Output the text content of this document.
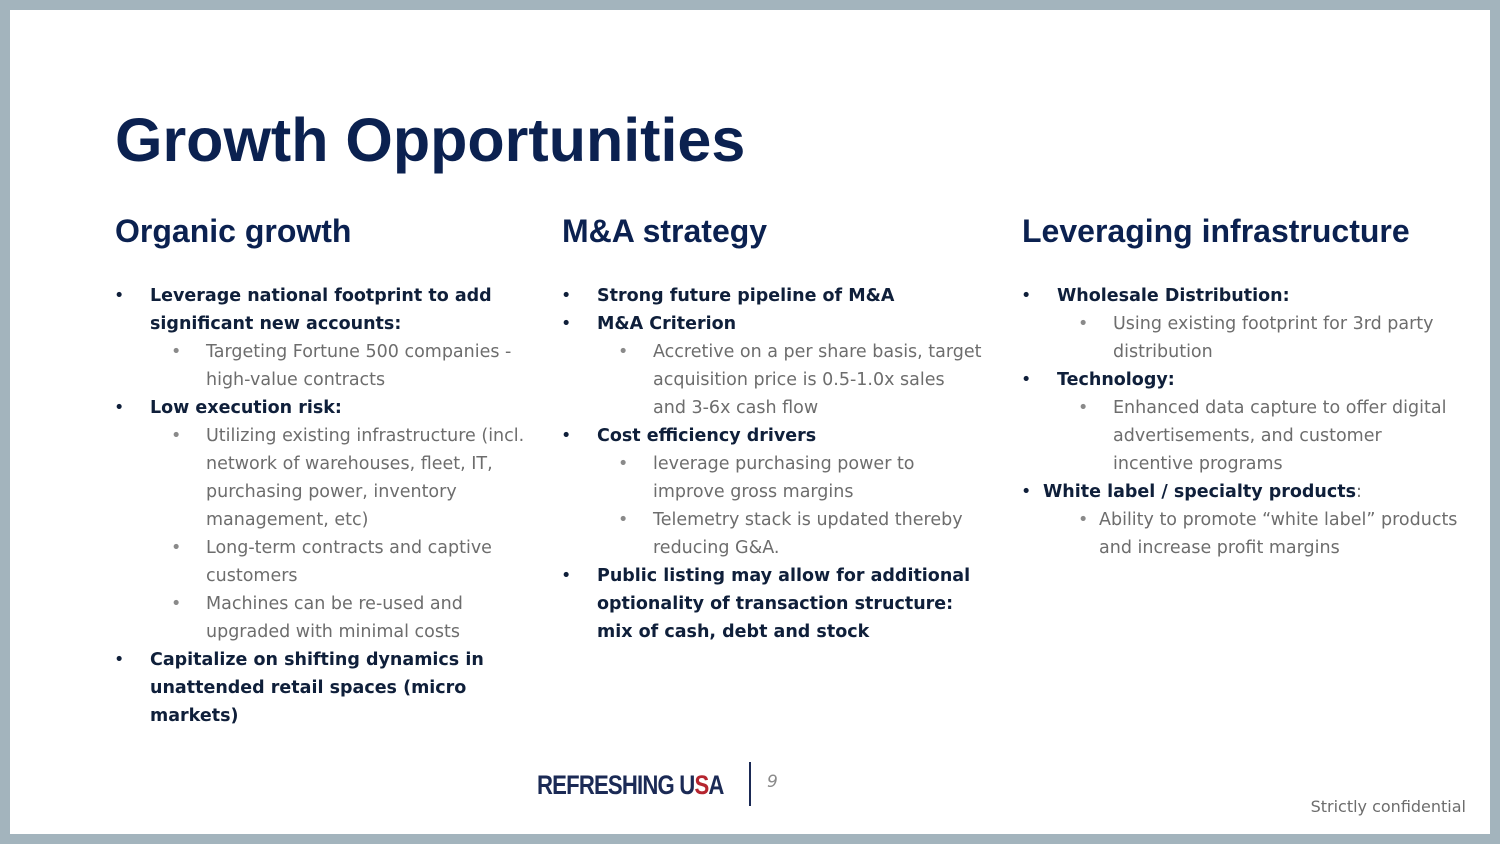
Growth Opportunities
Organic growth
• Leverage national footprint to add significant new accounts:
• Targeting Fortune 500 companies - high-value contracts
• Low execution risk:
• Utilizing existing infrastructure (incl. network of warehouses, fleet, IT, purchasing power, inventory management, etc)
• Long-term contracts and captive customers
• Machines can be re-used and upgraded with minimal costs
• Capitalize on shifting dynamics in unattended retail spaces (micro markets)
M&A strategy
• Strong future pipeline of M&A
• M&A Criterion
• Accretive on a per share basis, target acquisition price is 0.5-1.0x sales and 3-6x cash flow
• Cost efficiency drivers
• leverage purchasing power to improve gross margins
• Telemetry stack is updated thereby reducing G&A.
• Public listing may allow for additional optionality of transaction structure: mix of cash, debt and stock
Leveraging infrastructure
• Wholesale Distribution:
• Using existing footprint for 3rd party distribution
• Technology:
• Enhanced data capture to offer digital advertisements, and customer incentive programs
• White label / specialty products:
• Ability to promote “white label” products and increase profit margins
REFRESHING USA	9
Strictly confidential
